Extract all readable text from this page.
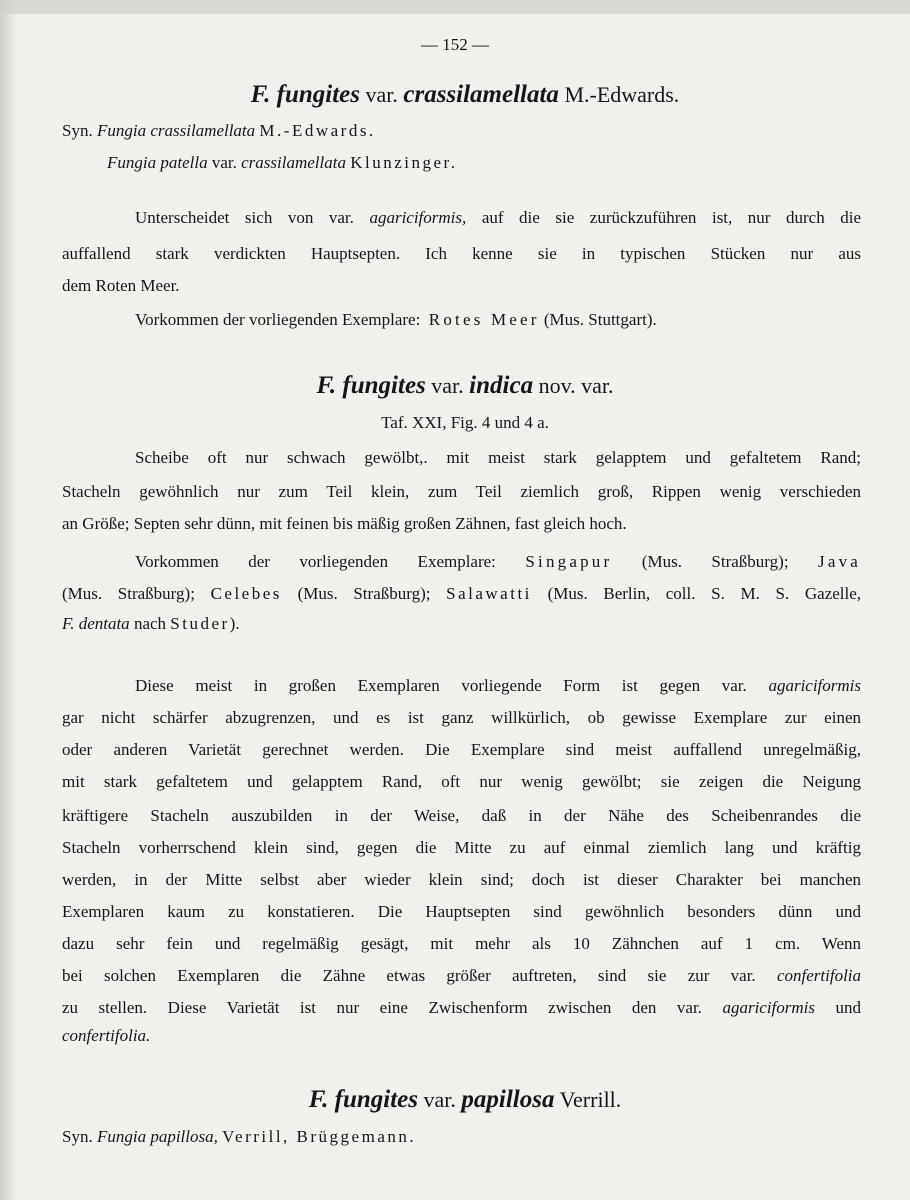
— 152 —
F. fungites var. crassilamellata M.-Edwards.
Syn. Fungia crassilamellata M.-Edwards.
Fungia patella var. crassilamellata Klunzinger.
Unterscheidet sich von var. agariciformis, auf die sie zurückzuführen ist, nur durch die
auffallend stark verdickten Hauptsepten. Ich kenne sie in typischen Stücken nur aus
dem Roten Meer.
Vorkommen der vorliegenden Exemplare: Rotes Meer (Mus. Stuttgart).
F. fungites var. indica nov. var.
Taf. XXI, Fig. 4 und 4 a.
Scheibe oft nur schwach gewölbt,. mit meist stark gelapptem und gefaltetem Rand;
Stacheln gewöhnlich nur zum Teil klein, zum Teil ziemlich groß, Rippen wenig verschieden
an Größe; Septen sehr dünn, mit feinen bis mäßig großen Zähnen, fast gleich hoch.
Vorkommen der vorliegenden Exemplare: Singapur (Mus. Straßburg); Java
(Mus. Straßburg); Celebes (Mus. Straßburg); Salawatti (Mus. Berlin, coll. S. M. S. Gazelle,
F. dentata nach Studer).
Diese meist in großen Exemplaren vorliegende Form ist gegen var. agariciformis
gar nicht schärfer abzugrenzen, und es ist ganz willkürlich, ob gewisse Exemplare zur einen
oder anderen Varietät gerechnet werden. Die Exemplare sind meist auffallend unregelmäßig,
mit stark gefaltetem und gelapptem Rand, oft nur wenig gewölbt; sie zeigen die Neigung
kräftigere Stacheln auszubilden in der Weise, daß in der Nähe des Scheibenrandes die
Stacheln vorherrschend klein sind, gegen die Mitte zu auf einmal ziemlich lang und kräftig
werden, in der Mitte selbst aber wieder klein sind; doch ist dieser Charakter bei manchen
Exemplaren kaum zu konstatieren. Die Hauptsepten sind gewöhnlich besonders dünn und
dazu sehr fein und regelmäßig gesägt, mit mehr als 10 Zähnchen auf 1 cm. Wenn
bei solchen Exemplaren die Zähne etwas größer auftreten, sind sie zur var. confertifolia
zu stellen. Diese Varietät ist nur eine Zwischenform zwischen den var. agariciformis und
confertifolia.
F. fungites var. papillosa Verrill.
Syn. Fungia papillosa, Verrill, Brüggemann.
